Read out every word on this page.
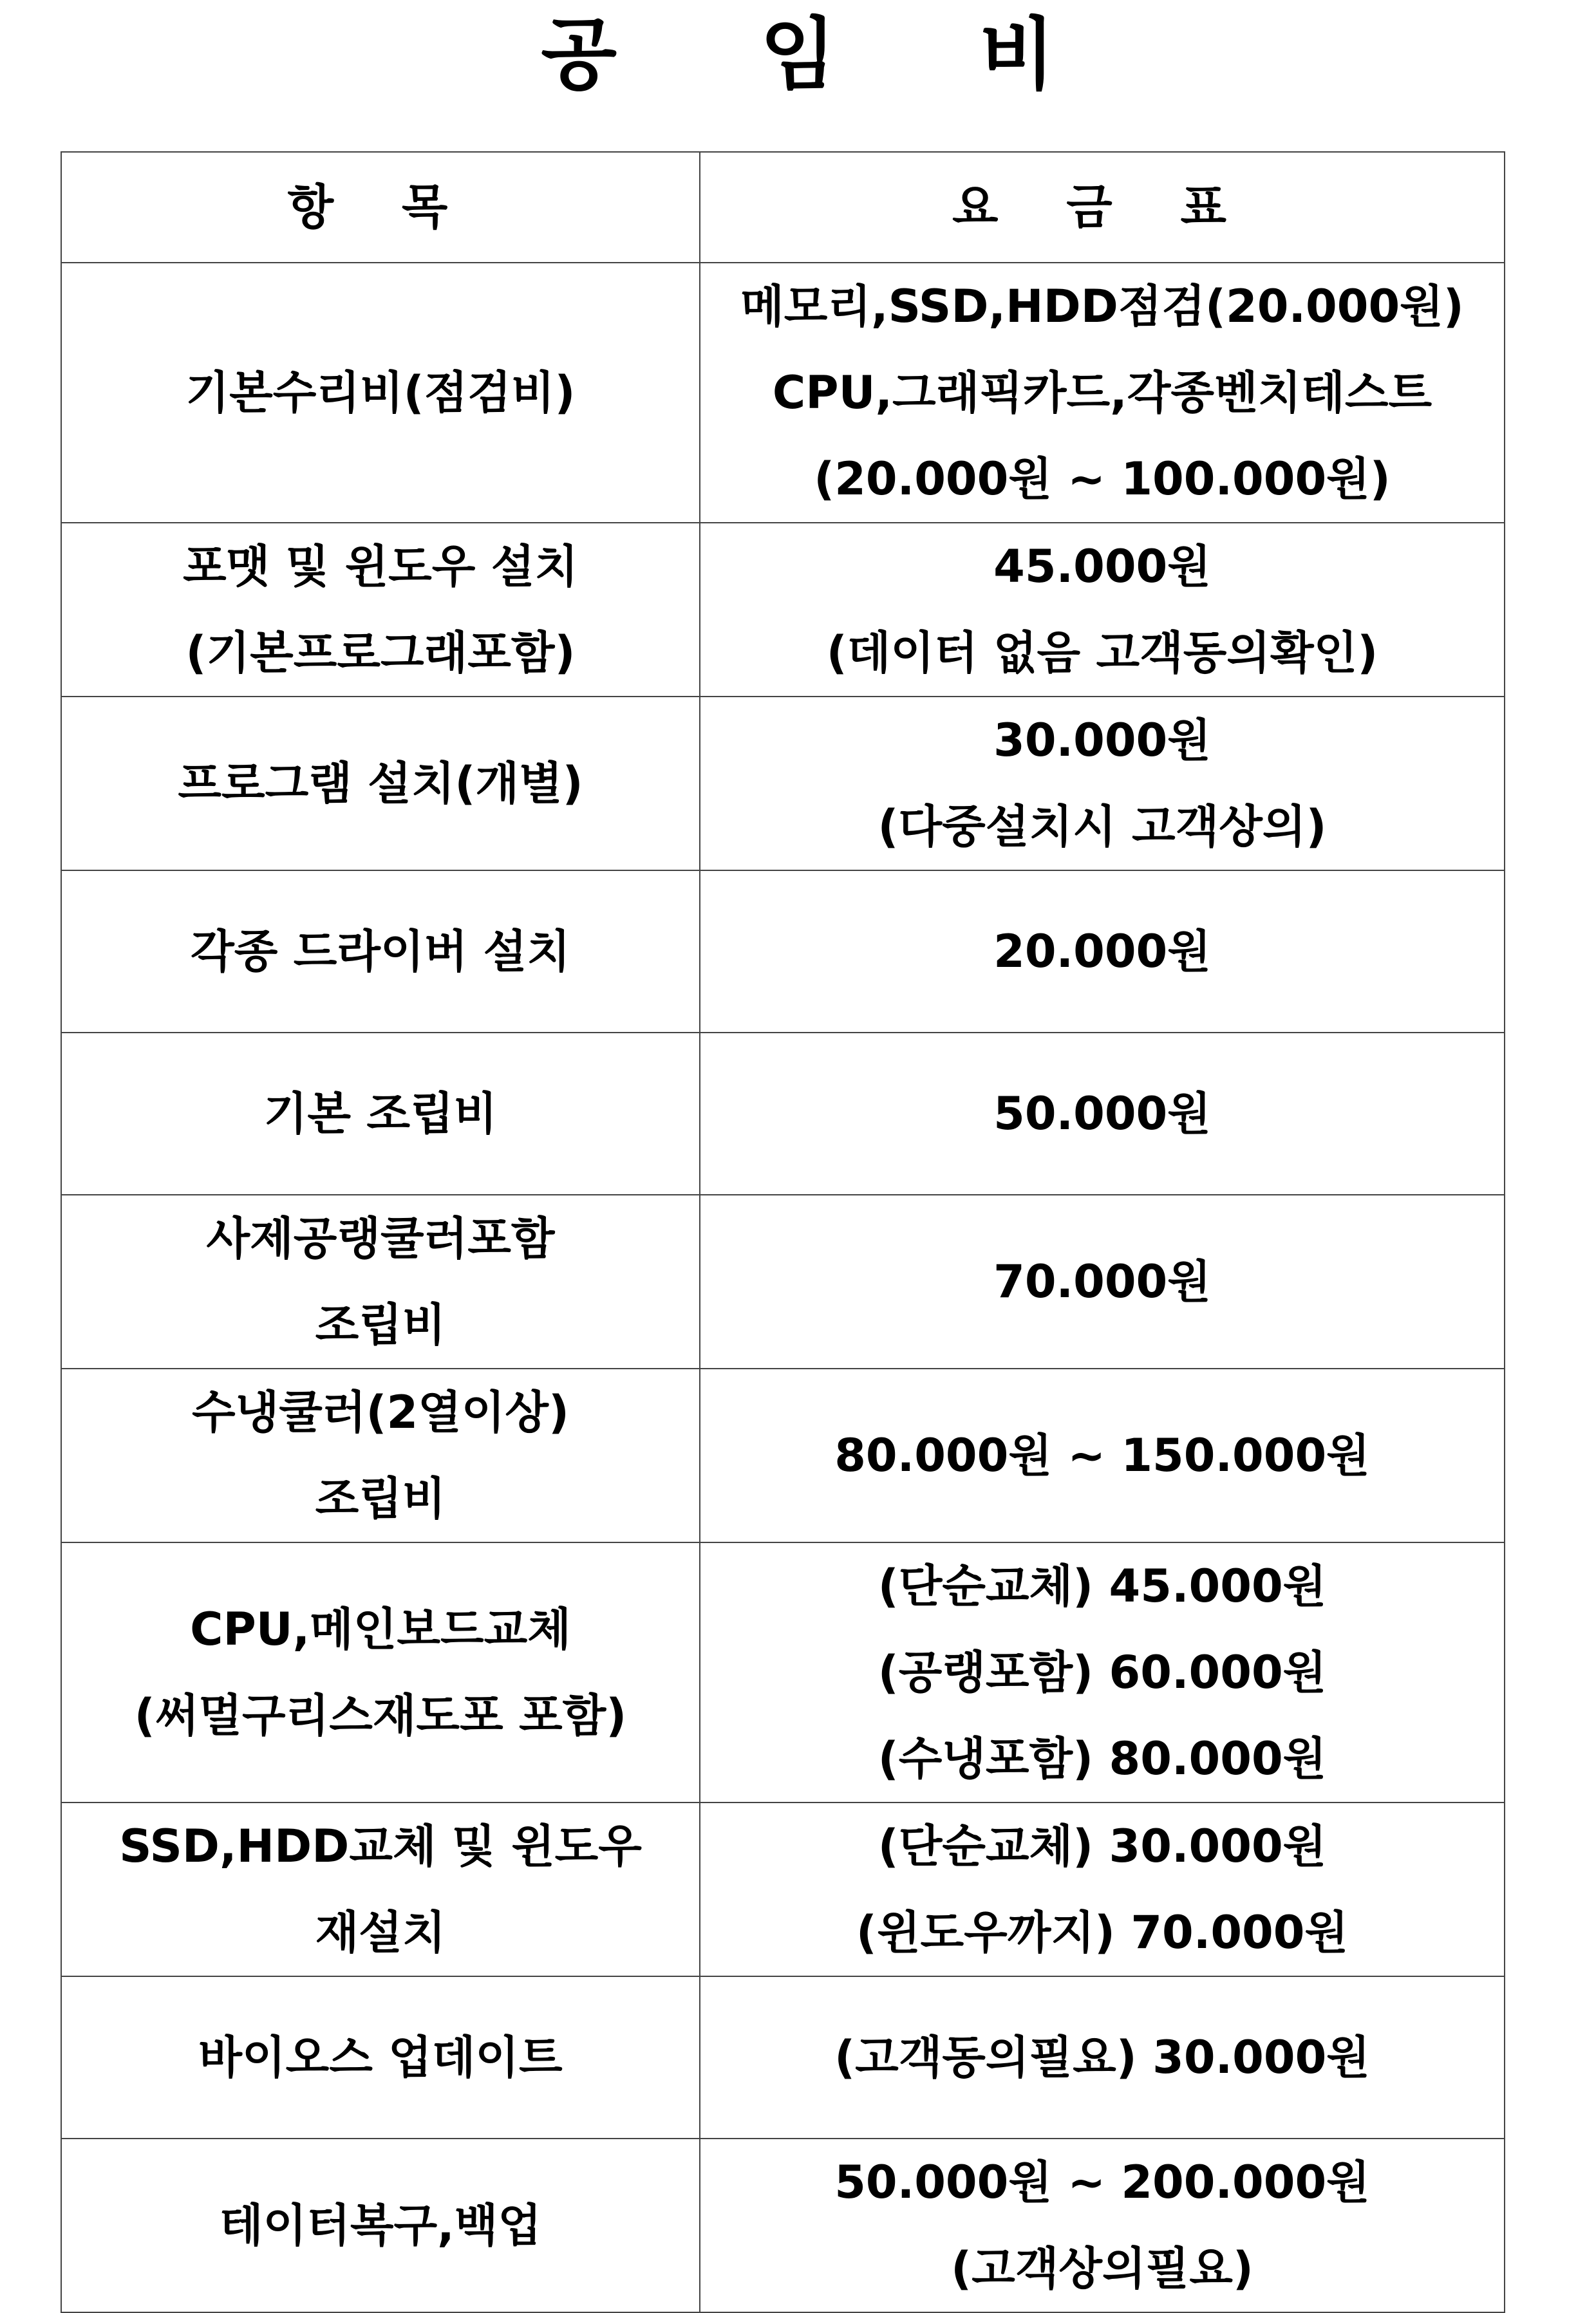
공 임 비
항 목	요 금 표

기본수리비(점검비)	메모리,SSD,HDD점검(20.000원)
CPU,그래픽카드,각종벤치테스트
(20.000원 ~ 100.000원)

포맷 및 윈도우 설치
(기본프로그래포함)	45.000원
(데이터 없음 고객동의확인)

프로그램 설치(개별)	30.000원
(다중설치시 고객상의)

각종 드라이버 설치	20.000원

기본 조립비	50.000원

사제공랭쿨러포함
조립비	70.000원

수냉쿨러(2열이상)
조립비	80.000원 ~ 150.000원

CPU,메인보드교체
(써멀구리스재도포 포함)	(단순교체) 45.000원
(공랭포함) 60.000원
(수냉포함) 80.000원

SSD,HDD교체 및 윈도우
재설치	(단순교체) 30.000원
(윈도우까지) 70.000원

바이오스 업데이트	(고객동의필요) 30.000원

테이터복구,백업	50.000원 ~ 200.000원
(고객상의필요)
